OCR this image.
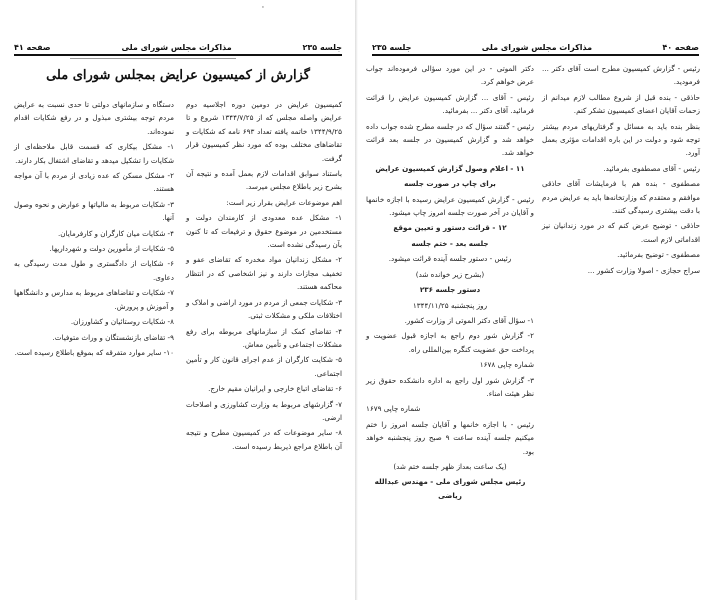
'
جلسه ۲۳۵
مذاکرات مجلس شورای ملی
صفحه ۴۱
گزارش از کمیسیون عرایض بمجلس شورای ملی

کمیسیون عرایض در دومین دوره اجلاسیه دوم عرایض واصله مجلس که از ۱۳۴۴/۷/۲۵ شروع و تا ۱۳۴۴/۹/۲۵ خاتمه یافته تعداد ۶۹۳ نامه که شکایات و تقاضاهای مختلف بوده که مورد نظر کمیسیون قرار گرفت.

باستناد سوابق اقدامات لازم بعمل آمده و نتیجه آن بشرح زیر باطلاع مجلس میرسد.

اهم موضوعات عرایض بقرار زیر است:

۱- مشکل عده معدودی از کارمندان دولت و مستخدمین در موضوع حقوق و ترفیعات که تا کنون بآن رسیدگی نشده است.

۲- مشکل زندانیان مواد مخدره که تقاضای عفو و تخفیف مجازات دارند و نیز اشخاصی که در انتظار محاکمه هستند.

۳- شکایات جمعی از مردم در مورد اراضی و املاک و اختلافات ملکی و مشکلات ثبتی.

۴- تقاضای کمک از سازمانهای مربوطه برای رفع مشکلات اجتماعی و تأمین معاش.

۵- شکایت کارگران از عدم اجرای قانون کار و تأمین اجتماعی.

۶- تقاضای اتباع خارجی و ایرانیان مقیم خارج.

۷- گزارشهای مربوط به وزارت کشاورزی و اصلاحات ارضی.

۸- سایر موضوعات که در کمیسیون مطرح و نتیجه آن باطلاع مراجع ذیربط رسیده است.

دستگاه و سازمانهای دولتی تا حدی نسبت به عرایض مردم توجه بیشتری مبذول و در رفع شکایات اقدام نموده‌اند.

۱- مشکل بیکاری که قسمت قابل ملاحظه‌ای از شکایات را تشکیل میدهد و تقاضای اشتغال بکار دارند.

۲- مشکل مسکن که عده زیادی از مردم با آن مواجه هستند.

۳- شکایات مربوط به مالیاتها و عوارض و نحوه وصول آنها.

۴- شکایات میان کارگران و کارفرمایان.

۵- شکایات از مأمورین دولت و شهرداریها.

۶- شکایات از دادگستری و طول مدت رسیدگی به دعاوی.

۷- شکایات و تقاضاهای مربوط به مدارس و دانشگاهها و آموزش و پرورش.

۸- شکایات روستائیان و کشاورزان.

۹- تقاضای بازنشستگان و وراث متوفیات.

۱۰- سایر موارد متفرقه که بموقع باطلاع رسیده است.

صفحه ۴۰
مذاکرات مجلس شورای ملی
جلسه ۲۳۵

رئیس - گزارش کمیسیون مطرح است آقای دکتر ... فرمودید.

حاذقی - بنده قبل از شروع مطالب لازم میدانم از زحمات آقایان اعضای کمیسیون تشکر کنم.

بنظر بنده باید به مسائل و گرفتاریهای مردم بیشتر توجه شود و دولت در این باره اقدامات مؤثری بعمل آورد.

رئیس - آقای مصطفوی بفرمائید.

مصطفوی - بنده هم با فرمایشات آقای حاذقی موافقم و معتقدم که وزارتخانه‌ها باید به عرایض مردم با دقت بیشتری رسیدگی کنند.

حاذقی - توضیح عرض کنم که در مورد زندانیان نیز اقداماتی لازم است.

مصطفوی - توضیح بفرمائید.

سراج حجازی - اصولا وزارت کشور ...

دکتر الموتی - در این مورد سؤالی فرموده‌اند جواب عرض خواهم کرد.

رئیس - آقای ... گزارش کمیسیون عرایض را قرائت فرمائید. آقای دکتر ... بفرمائید.

رئیس - گفتند سؤال که در جلسه مطرح شده جواب داده خواهد شد و گزارش کمیسیون در جلسه بعد قرائت خواهد شد.

۱۱ - اعلام وصول گزارش کمیسیون عرایض

برای چاپ در صورت جلسه

رئیس - گزارش کمیسیون عرایض رسیده با اجازه خانمها و آقایان در آخر صورت جلسه امروز چاپ میشود.

۱۲ - قرائت دستور و تعیین موقع

جلسه بعد - ختم جلسه

رئیس - دستور جلسه آینده قرائت میشود.

(بشرح زیر خوانده شد)

دستور جلسه ۲۳۶

روز پنجشنبه ۱۳۴۴/۱۱/۲۵

۱- سؤال آقای دکتر الموتی از وزارت کشور.

۲- گزارش شور دوم راجع به اجازه قبول عضویت و پرداخت حق عضویت کنگره بین‌المللی راه.

شماره چاپی ۱۶۷۸

۳- گزارش شور اول راجع به اداره دانشکده حقوق زیر نظر هیئت امناء.

شماره چاپی ۱۶۷۹

رئیس - با اجازه خانمها و آقایان جلسه امروز را ختم میکنیم جلسه آینده ساعت ۹ صبح روز پنجشنبه خواهد بود.

(یک ساعت بعداز ظهر جلسه ختم شد)

رئیس مجلس شورای ملی - مهندس عبدالله ریاضی
